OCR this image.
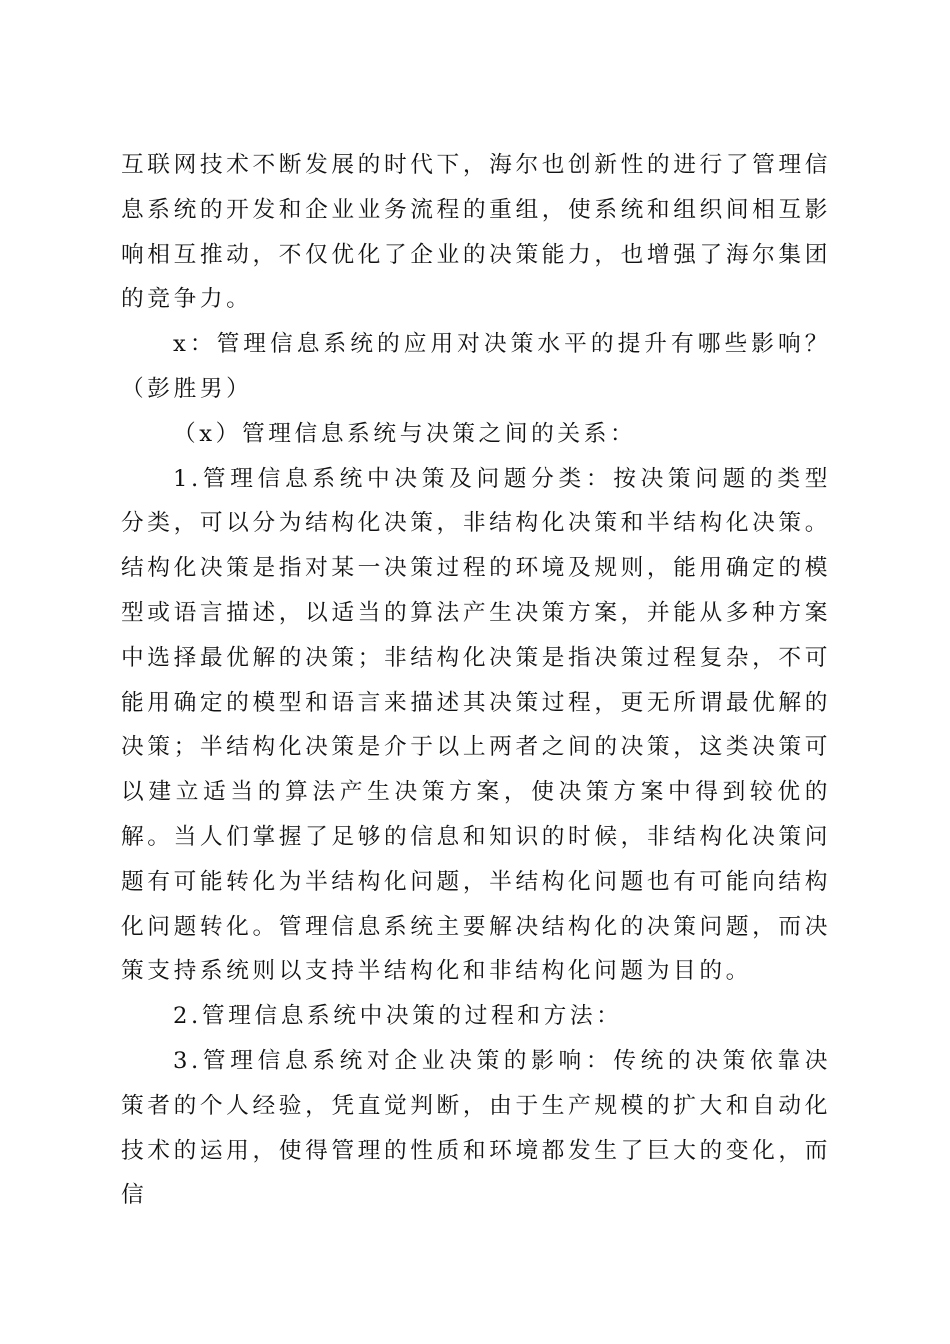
互联网技术不断发展的时代下，海尔也创新性的进行了管理信息系统的开发和企业业务流程的重组，使系统和组织间相互影响相互推动，不仅优化了企业的决策能力，也增强了海尔集团的竞争力。

x：管理信息系统的应用对决策水平的提升有哪些影响？（彭胜男）

（x）管理信息系统与决策之间的关系：

1.管理信息系统中决策及问题分类：按决策问题的类型分类，可以分为结构化决策，非结构化决策和半结构化决策。结构化决策是指对某一决策过程的环境及规则，能用确定的模型或语言描述，以适当的算法产生决策方案，并能从多种方案中选择最优解的决策；非结构化决策是指决策过程复杂，不可能用确定的模型和语言来描述其决策过程，更无所谓最优解的决策；半结构化决策是介于以上两者之间的决策，这类决策可以建立适当的算法产生决策方案，使决策方案中得到较优的解。当人们掌握了足够的信息和知识的时候，非结构化决策问题有可能转化为半结构化问题，半结构化问题也有可能向结构化问题转化。管理信息系统主要解决结构化的决策问题，而决策支持系统则以支持半结构化和非结构化问题为目的。

2.管理信息系统中决策的过程和方法：

3.管理信息系统对企业决策的影响：传统的决策依靠决策者的个人经验，凭直觉判断，由于生产规模的扩大和自动化技术的运用，使得管理的性质和环境都发生了巨大的变化，而信
